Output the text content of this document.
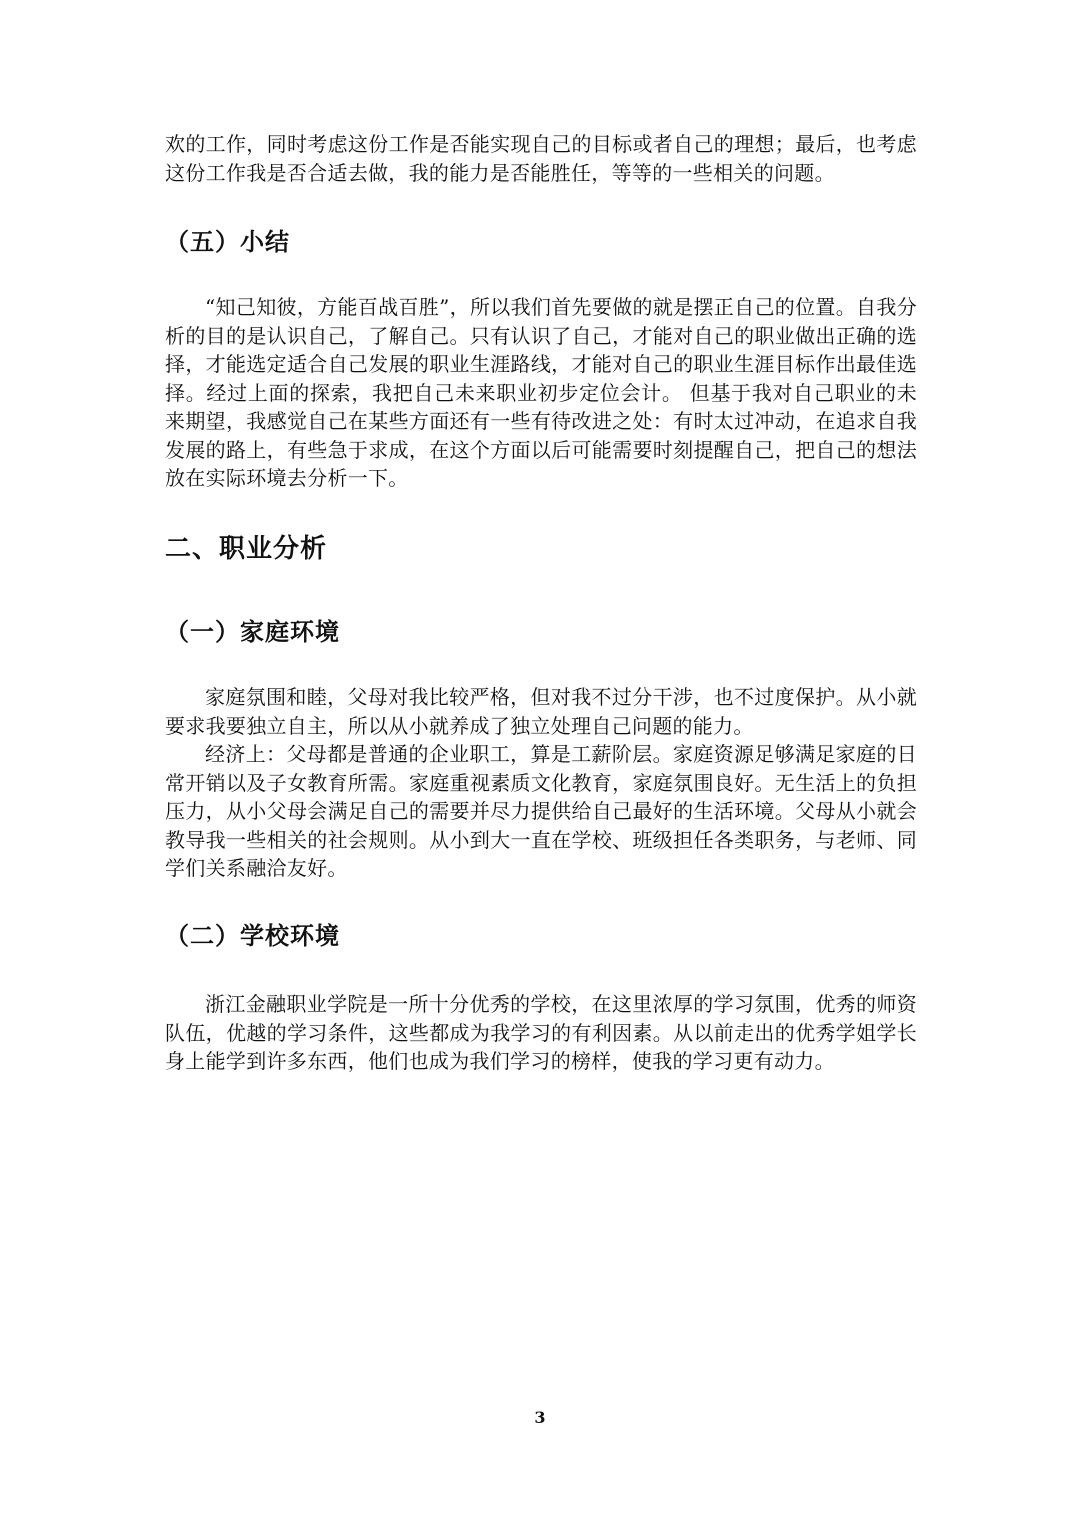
欢的工作，同时考虑这份工作是否能实现自己的目标或者自己的理想；最后，也考虑这份工作我是否合适去做，我的能力是否能胜任，等等的一些相关的问题。

（五）小结

“知己知彼，方能百战百胜”，所以我们首先要做的就是摆正自己的位置。自我分析的目的是认识自己，了解自己。只有认识了自己，才能对自己的职业做出正确的选择，才能选定适合自己发展的职业生涯路线，才能对自己的职业生涯目标作出最佳选择。经过上面的探索，我把自己未来职业初步定位会计。 但基于我对自己职业的未来期望，我感觉自己在某些方面还有一些有待改进之处：有时太过冲动，在追求自我发展的路上，有些急于求成，在这个方面以后可能需要时刻提醒自己，把自己的想法放在实际环境去分析一下。

二、职业分析
（一）家庭环境

家庭氛围和睦，父母对我比较严格，但对我不过分干涉，也不过度保护。从小就要求我要独立自主，所以从小就养成了独立处理自己问题的能力。

经济上：父母都是普通的企业职工，算是工薪阶层。家庭资源足够满足家庭的日常开销以及子女教育所需。家庭重视素质文化教育，家庭氛围良好。无生活上的负担压力，从小父母会满足自己的需要并尽力提供给自己最好的生活环境。父母从小就会教导我一些相关的社会规则。从小到大一直在学校、班级担任各类职务，与老师、同学们关系融洽友好。

（二）学校环境

浙江金融职业学院是一所十分优秀的学校，在这里浓厚的学习氛围，优秀的师资队伍，优越的学习条件，这些都成为我学习的有利因素。从以前走出的优秀学姐学长身上能学到许多东西，他们也成为我们学习的榜样，使我的学习更有动力。

3
